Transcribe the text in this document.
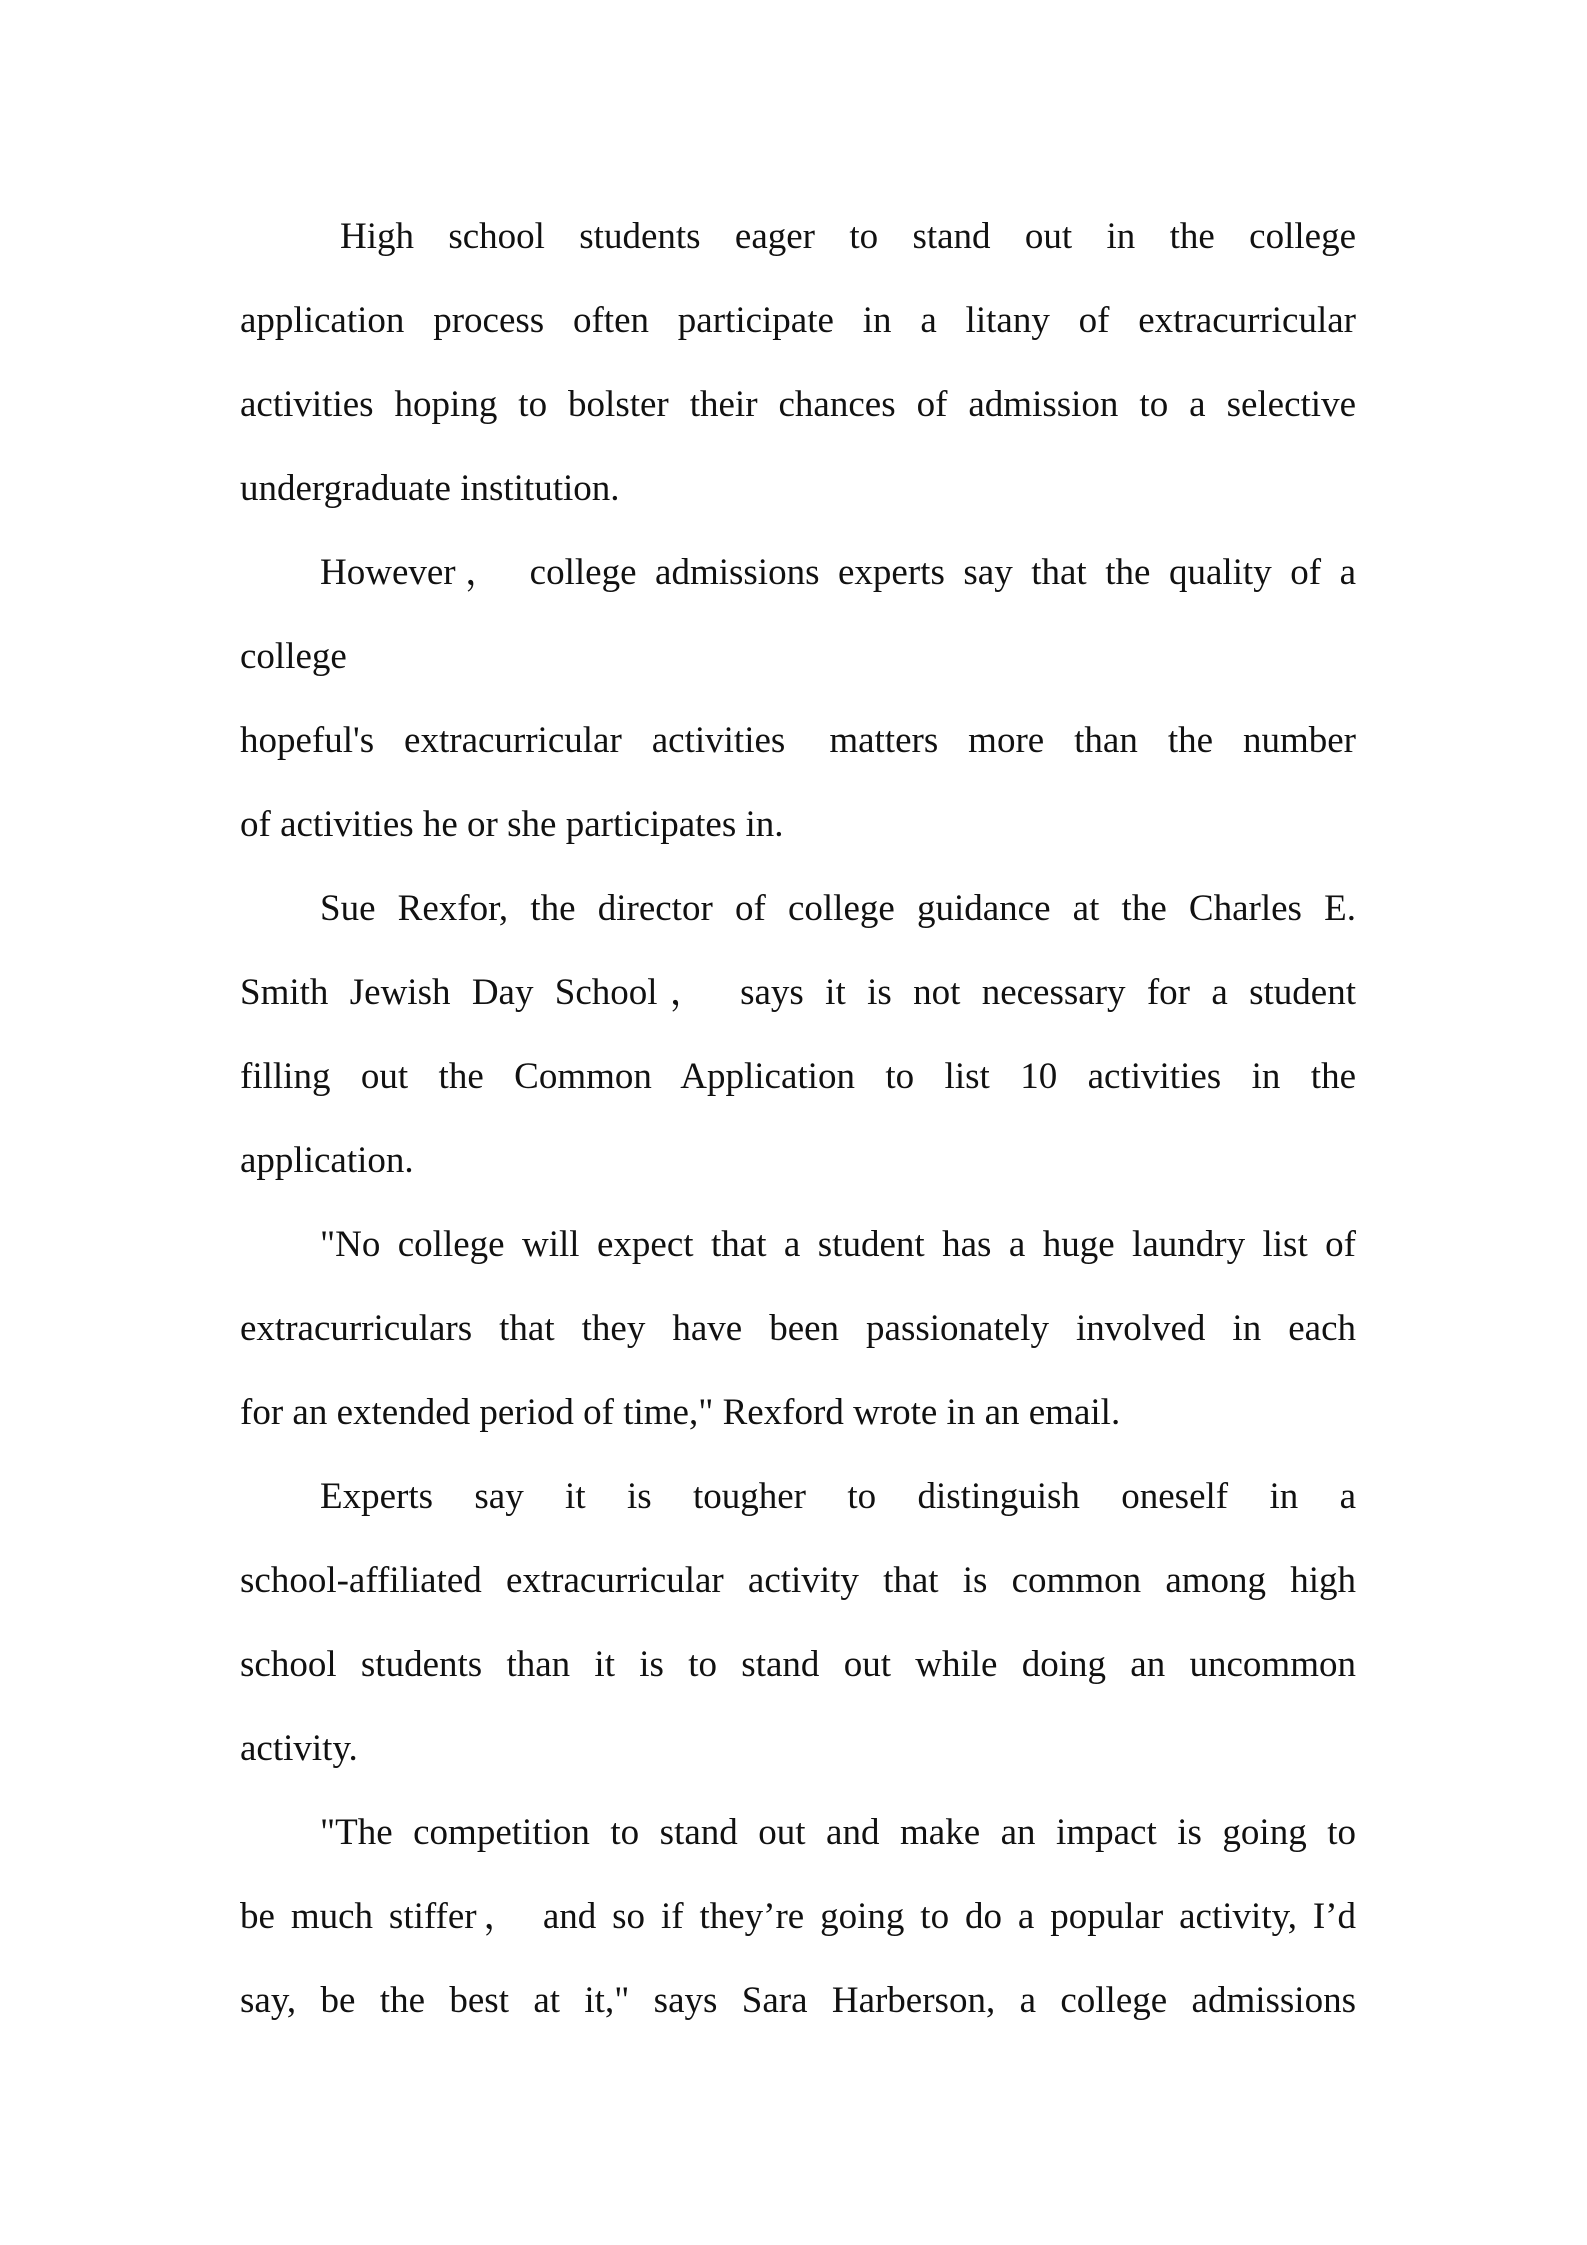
High school students eager to stand out in the college
application process often participate in a litany of extracurricular
activities hoping to bolster their chances of admission to a selective
undergraduate institution.
However， college admissions experts say that the quality of a
college
hopeful's extracurricular activities matters more than the number
of activities he or she participates in.
Sue Rexfor, the director of college guidance at the Charles E.
Smith Jewish Day School， says it is not necessary for a student
filling out the Common Application to list 10 activities in the
application.
"No college will expect that a student has a huge laundry list of
extracurriculars that they have been passionately involved in each
for an extended period of time," Rexford wrote in an email.
Experts say it is tougher to distinguish oneself in a
school-affiliated extracurricular activity that is common among high
school students than it is to stand out while doing an uncommon
activity.
"The competition to stand out and make an impact is going to
be much stiffer， and so if they’re going to do a popular activity, I’d
say, be the best at it," says Sara Harberson, a college admissions
